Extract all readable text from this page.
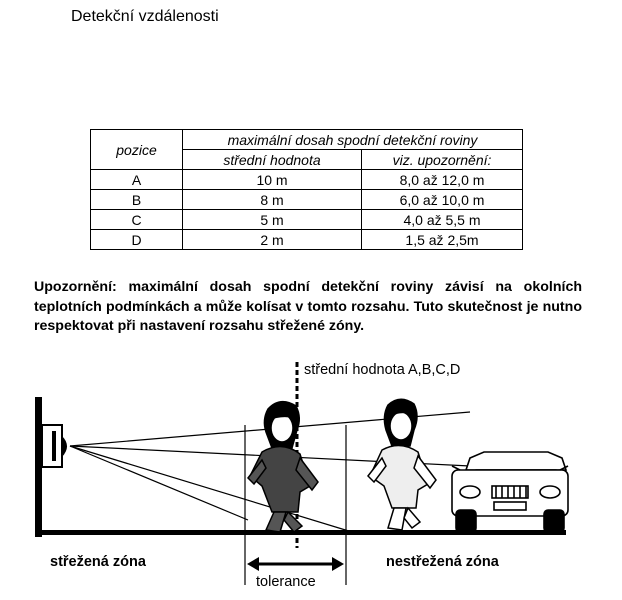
Detekční vzdálenosti
pozice	maximální dosah spodní detekční roviny	
	střední hodnota	viz. upozornění:
A	10 m	8,0 až 12,0 m
B	8 m	6,0 až 10,0 m
C	5 m	4,0 až 5,5 m
D	2 m	1,5 až 2,5m
Upozornění: maximální dosah spodní detekční roviny závisí na okolních teplotních podmínkách a může kolísat v tomto rozsahu. Tuto skutečnost je nutno respektovat při nastavení rozsahu střežené zóny.
střední hodnota A,B,C,D
střežená zóna	nestřežená zóna
tolerance
